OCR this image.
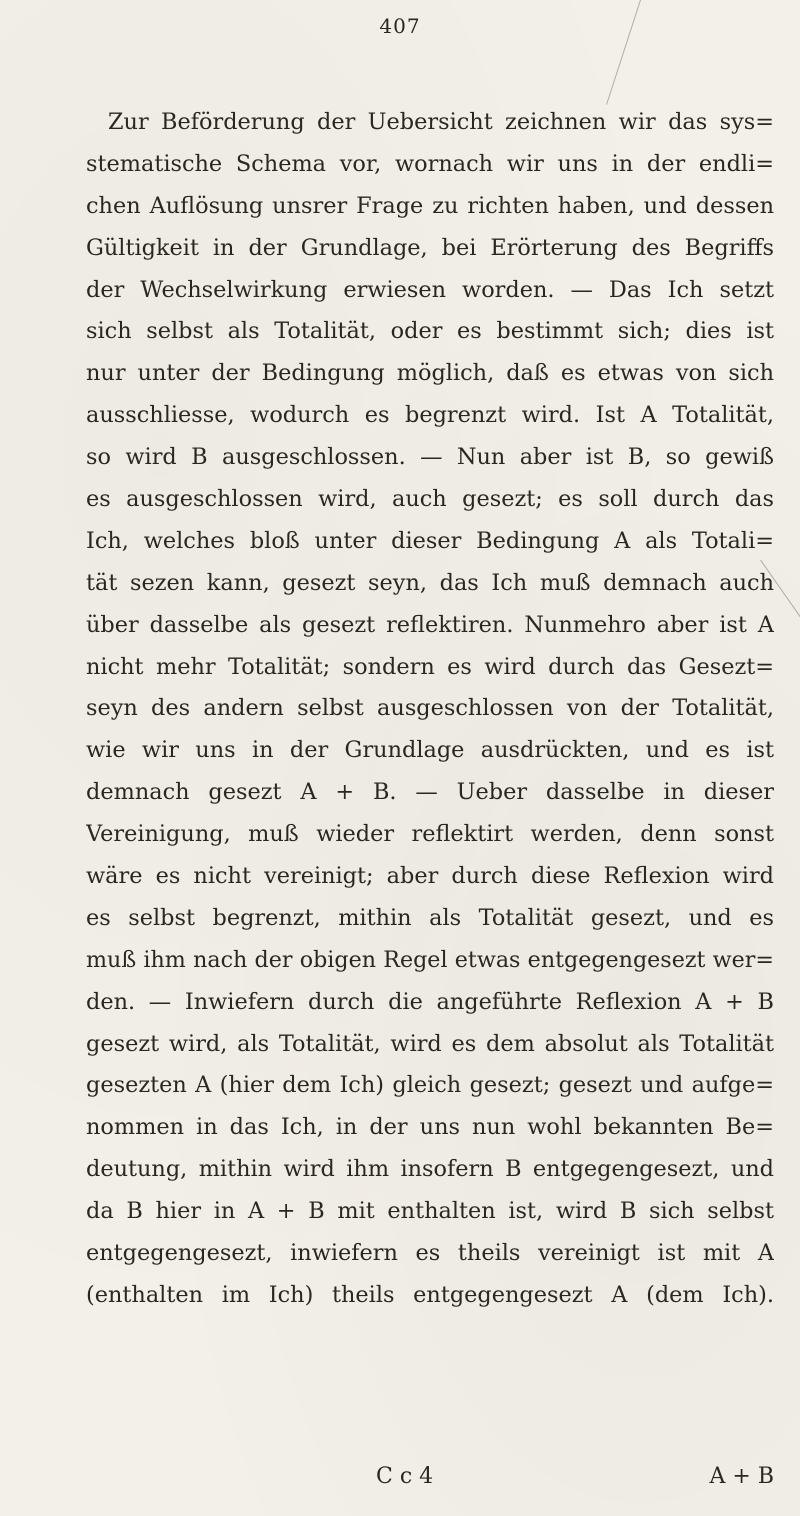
407
Zur Beförderung der Uebersicht zeichnen wir das sys=
stematische Schema vor, wornach wir uns in der endli=
chen Auflösung unsrer Frage zu richten haben, und dessen
Gültigkeit in der Grundlage, bei Erörterung des Begriffs
der Wechselwirkung erwiesen worden. — Das Ich setzt
sich selbst als Totalität, oder es bestimmt sich; dies ist
nur unter der Bedingung möglich, daß es etwas von sich
ausschliesse, wodurch es begrenzt wird. Ist A Totalität,
so wird B ausgeschlossen. — Nun aber ist B, so gewiß
es ausgeschlossen wird, auch gesezt; es soll durch das
Ich, welches bloß unter dieser Bedingung A als Totali=
tät sezen kann, gesezt seyn, das Ich muß demnach auch
über dasselbe als gesezt reflektiren. Nunmehro aber ist A
nicht mehr Totalität; sondern es wird durch das Gesezt=
seyn des andern selbst ausgeschlossen von der Totalität,
wie wir uns in der Grundlage ausdrückten, und es ist
demnach gesezt A + B. — Ueber dasselbe in dieser
Vereinigung, muß wieder reflektirt werden, denn sonst
wäre es nicht vereinigt; aber durch diese Reflexion wird
es selbst begrenzt, mithin als Totalität gesezt, und es
muß ihm nach der obigen Regel etwas entgegengesezt wer=
den. — Inwiefern durch die angeführte Reflexion A + B
gesezt wird, als Totalität, wird es dem absolut als Totalität
gesezten A (hier dem Ich) gleich gesezt; gesezt und aufge=
nommen in das Ich, in der uns nun wohl bekannten Be=
deutung, mithin wird ihm insofern B entgegengesezt, und
da B hier in A + B mit enthalten ist, wird B sich selbst
entgegengesezt, inwiefern es theils vereinigt ist mit A
(enthalten im Ich) theils entgegengesezt A (dem Ich).
C c 4	A + B
